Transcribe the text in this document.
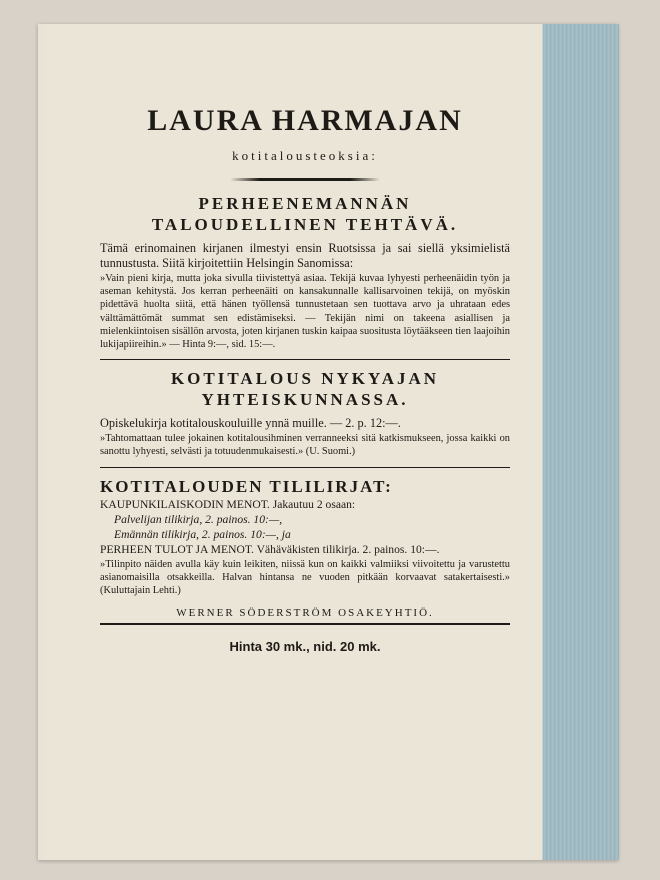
LAURA HARMAJAN
kotitalousteoksia:

PERHEENEMANNÄN

TALOUDELLINEN TEHTÄVÄ.

Tämä erinomainen kirjanen ilmestyi ensin Ruotsissa ja sai siellä yksimielistä tunnustusta. Siitä kirjoitettiin Helsingin Sanomissa:

»Vain pieni kirja, mutta joka sivulla tiivistettyä asiaa. Tekijä kuvaa lyhyesti perheenäidin työn ja aseman kehitystä. Jos kerran perheenäiti on kansakunnalle kallisarvoinen tekijä, on myöskin pidettävä huolta siitä, että hänen työllensä tunnustetaan sen tuottava arvo ja uhrataan edes välttämättömät summat sen edistämiseksi. — Tekijän nimi on takeena asiallisen ja mielenkiintoisen sisällön arvosta, joten kirjanen tuskin kaipaa suositusta löytääkseen tien laajoihin lukijapiireihin.» — Hinta 9:—, sid. 15:—.

KOTITALOUS NYKYAJAN

YHTEISKUNNASSA.

Opiskelukirja kotitalouskouluille ynnä muille. — 2. p. 12:—.

»Tahtomattaan tulee jokainen kotitalousihminen verranneeksi sitä katkismukseen, jossa kaikki on sanottu lyhyesti, selvästi ja totuudenmukaisesti.» (U. Suomi.)

KOTITALOUDEN TILILIRJAT:

KAUPUNKILAISKODIN MENOT. Jakautuu 2 osaan:

Palvelijan tilikirja, 2. painos. 10:—,

Emännän tilikirja, 2. painos. 10:—, ja

PERHEEN TULOT JA MENOT. Vähäväkisten tilikirja. 2. painos. 10:—.

»Tilinpito näiden avulla käy kuin leikiten, niissä kun on kaikki valmiiksi viivoitettu ja varustettu asianomaisilla otsakkeilla. Halvan hintansa ne vuoden pitkään korvaavat satakertaisesti.» (Kuluttajain Lehti.)

WERNER SÖDERSTRÖM OSAKEYHTIÖ.

Hinta 30 mk., nid. 20 mk.
